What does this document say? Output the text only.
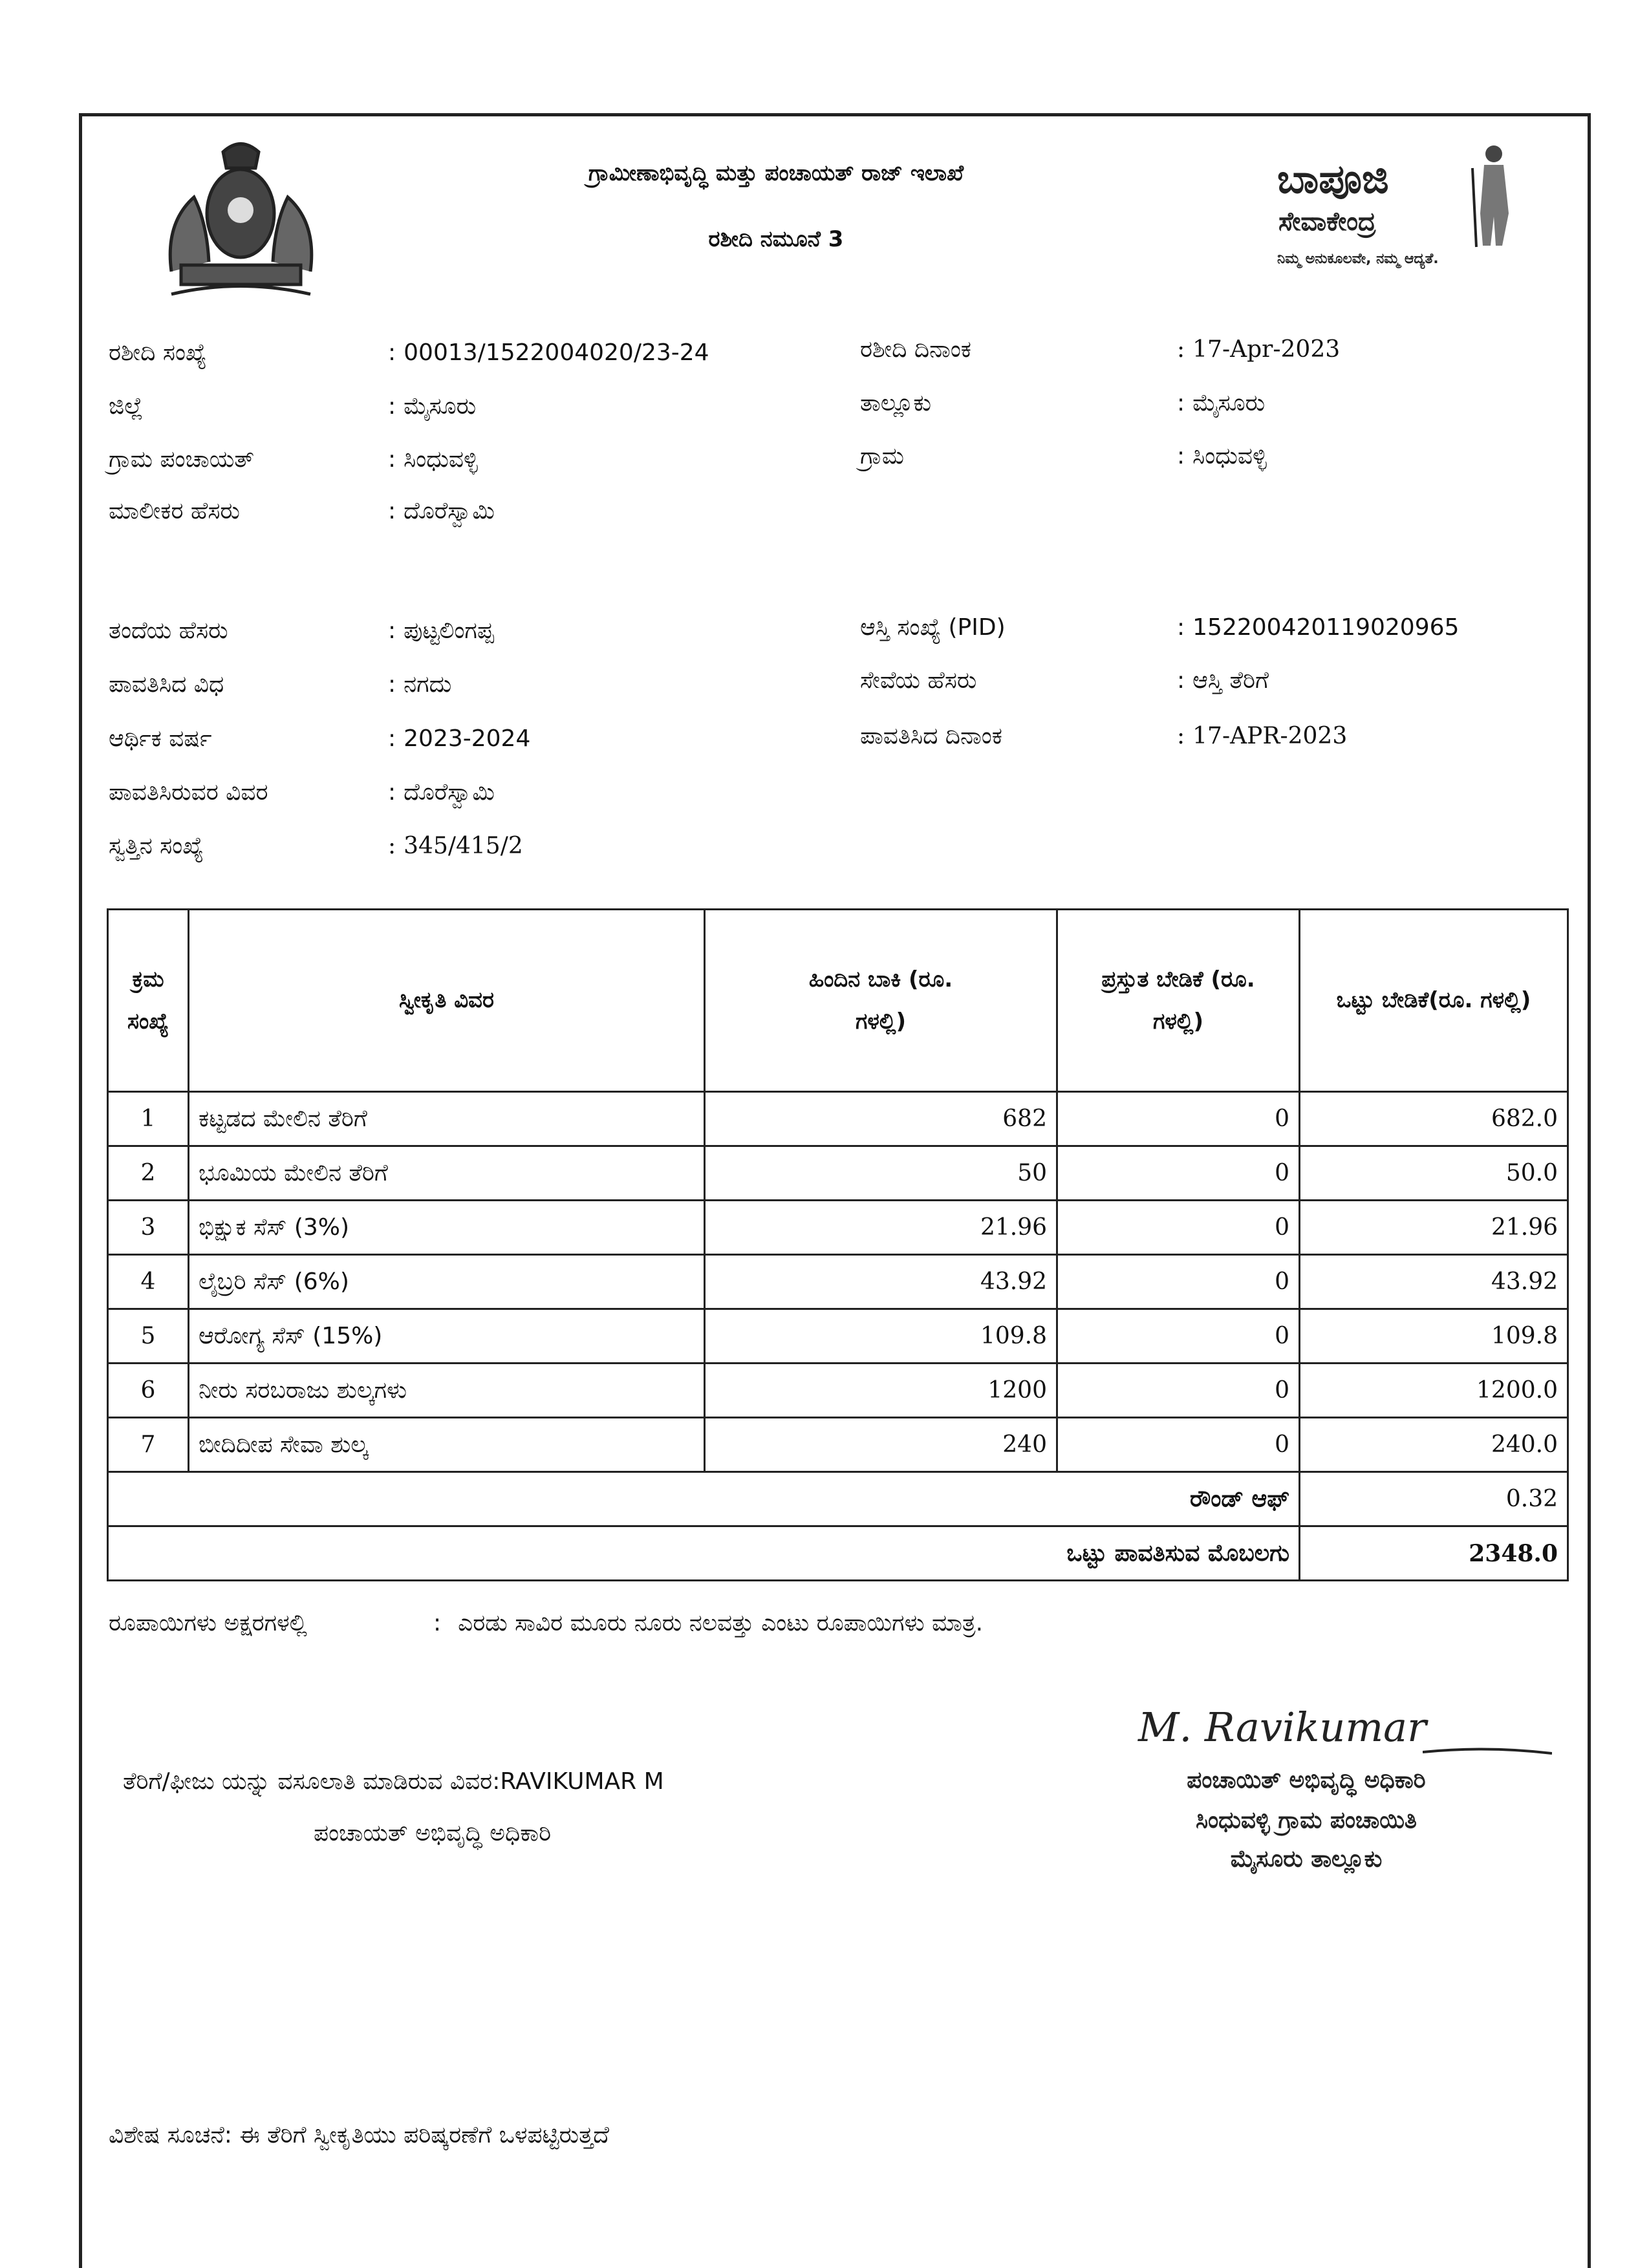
ಗ್ರಾಮೀಣಾಭಿವೃದ್ಧಿ ಮತ್ತು ಪಂಚಾಯತ್ ರಾಜ್ ಇಲಾಖೆ
ರಶೀದಿ ನಮೂನೆ 3
ಬಾಪೂಜಿ
ಸೇವಾಕೇಂದ್ರ
ನಿಮ್ಮ ಅನುಕೂಲವೇ, ನಮ್ಮ ಆದ್ಯತೆ.
ರಶೀದಿ ಸಂಖ್ಯೆ	: 00013/1522004020/23-24
ಜಿಲ್ಲೆ	: ಮೈಸೂರು
ಗ್ರಾಮ ಪಂಚಾಯತ್	: ಸಿಂಧುವಳ್ಳಿ
ಮಾಲೀಕರ ಹೆಸರು	: ದೊರೆಸ್ವಾಮಿ
ತಂದೆಯ ಹೆಸರು	: ಪುಟ್ಟಲಿಂಗಪ್ಪ
ಪಾವತಿಸಿದ ವಿಧ	: ನಗದು
ಆರ್ಥಿಕ ವರ್ಷ	: 2023-2024
ಪಾವತಿಸಿರುವರ ವಿವರ	: ದೊರೆಸ್ವಾಮಿ
ಸ್ವತ್ತಿನ ಸಂಖ್ಯೆ	: 345/415/2
ರಶೀದಿ ದಿನಾಂಕ	: 17-Apr-2023
ತಾಲ್ಲೂಕು	: ಮೈಸೂರು
ಗ್ರಾಮ	: ಸಿಂಧುವಳ್ಳಿ
ಆಸ್ತಿ ಸಂಖ್ಯೆ (PID)	: 152200420119020965
ಸೇವೆಯ ಹೆಸರು	: ಆಸ್ತಿ ತೆರಿಗೆ
ಪಾವತಿಸಿದ ದಿನಾಂಕ	: 17-APR-2023
ಕ್ರಮ ಸಂಖ್ಯೆ	ಸ್ವೀಕೃತಿ ವಿವರ	ಹಿಂದಿನ ಬಾಕಿ (ರೂ. ಗಳಲ್ಲಿ)	ಪ್ರಸ್ತುತ ಬೇಡಿಕೆ (ರೂ. ಗಳಲ್ಲಿ)	ಒಟ್ಟು ಬೇಡಿಕೆ(ರೂ. ಗಳಲ್ಲಿ)
1	ಕಟ್ಟಡದ ಮೇಲಿನ ತೆರಿಗೆ	682	0	682.0
2	ಭೂಮಿಯ ಮೇಲಿನ ತೆರಿಗೆ	50	0	50.0
3	ಭಿಕ್ಷುಕ ಸೆಸ್ (3%)	21.96	0	21.96
4	ಲೈಬ್ರರಿ ಸೆಸ್ (6%)	43.92	0	43.92
5	ಆರೋಗ್ಯ ಸೆಸ್ (15%)	109.8	0	109.8
6	ನೀರು ಸರಬರಾಜು ಶುಲ್ಕಗಳು	1200	0	1200.0
7	ಬೀದಿದೀಪ ಸೇವಾ ಶುಲ್ಕ	240	0	240.0
ರೌಂಡ್ ಆಫ್				0.32
ಒಟ್ಟು ಪಾವತಿಸುವ ಮೊಬಲಗು				2348.0
ರೂಪಾಯಿಗಳು ಅಕ್ಷರಗಳಲ್ಲಿ	: ಎರಡು ಸಾವಿರ ಮೂರು ನೂರು ನಲವತ್ತು ಎಂಟು ರೂಪಾಯಿಗಳು ಮಾತ್ರ.
ತೆರಿಗೆ/ಫೀಜು ಯನ್ನು ವಸೂಲಾತಿ ಮಾಡಿರುವ ವಿವರ:RAVIKUMAR M
ಪಂಚಾಯತ್ ಅಭಿವೃದ್ಧಿ ಅಧಿಕಾರಿ
M. Ravikumar
ಪಂಚಾಯಿತ್ ಅಭಿವೃದ್ಧಿ ಅಧಿಕಾರಿ
ಸಿಂಧುವಳ್ಳಿ ಗ್ರಾಮ ಪಂಚಾಯಿತಿ
ಮೈಸೂರು ತಾಲ್ಲೂಕು
ವಿಶೇಷ ಸೂಚನೆ: ಈ ತೆರಿಗೆ ಸ್ವೀಕೃತಿಯು ಪರಿಷ್ಕರಣೆಗೆ ಒಳಪಟ್ಟಿರುತ್ತದೆ
